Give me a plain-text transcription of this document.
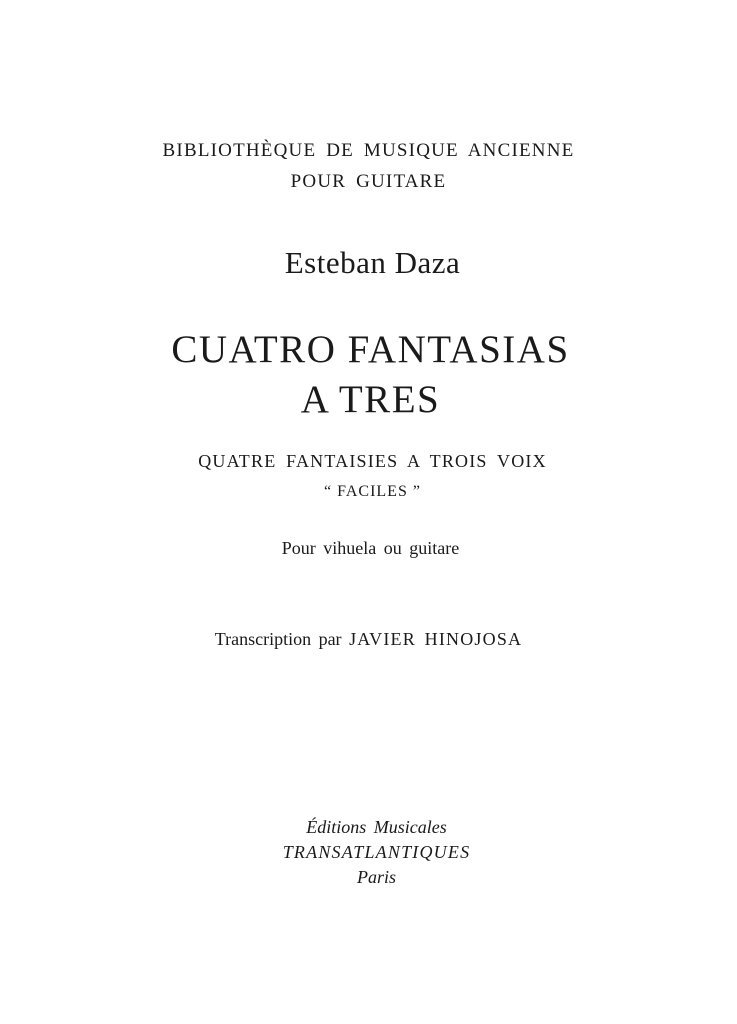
BIBLIOTHÈQUE DE MUSIQUE ANCIENNE
POUR GUITARE
Esteban Daza
CUATRO FANTASIAS
A TRES
QUATRE FANTAISIES A TROIS VOIX
“ FACILES ”
Pour vihuela ou guitare
Transcription par JAVIER HINOJOSA
Éditions Musicales
TRANSATLANTIQUES
Paris
